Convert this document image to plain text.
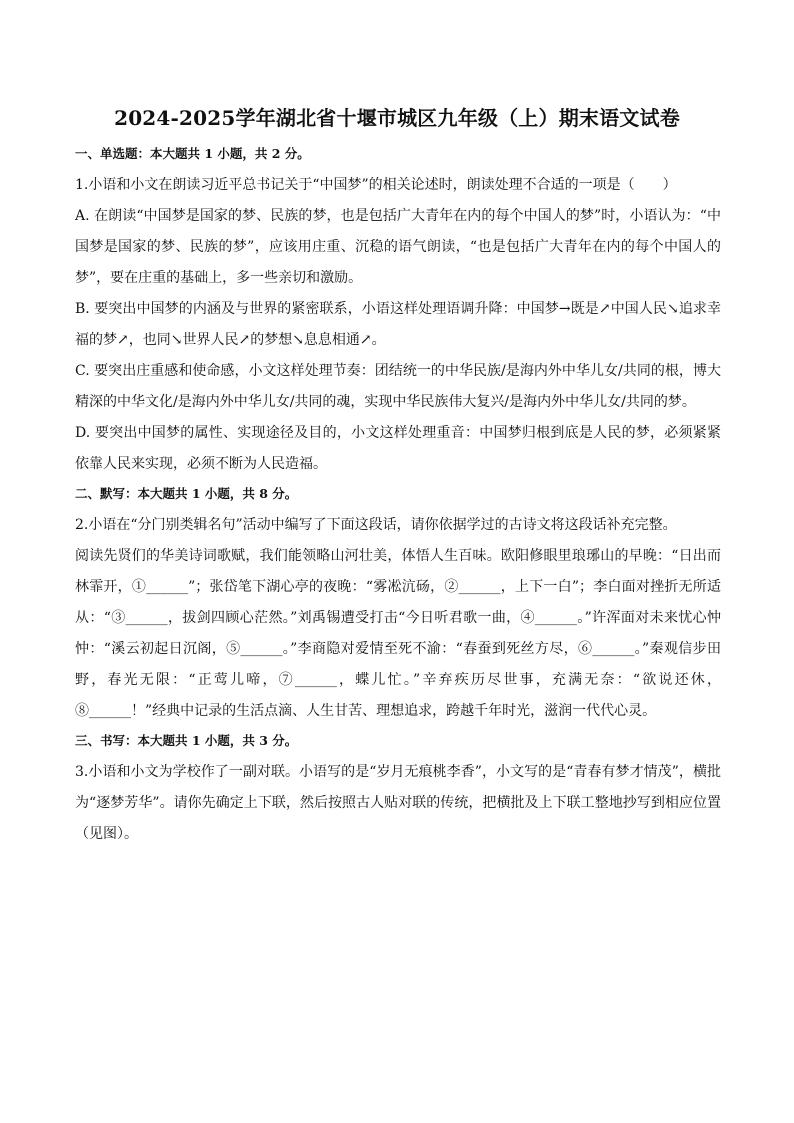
2024-2025学年湖北省十堰市城区九年级（上）期末语文试卷

一、单选题：本大题共 1 小题，共 2 分。

1.小语和小文在朗读习近平总书记关于“中国梦”的相关论述时，朗读处理不合适的一项是（　　）

A. 在朗读“中国梦是国家的梦、民族的梦，也是包括广大青年在内的每个中国人的梦”时，小语认为：“中国梦是国家的梦、民族的梦”，应该用庄重、沉稳的语气朗读，“也是包括广大青年在内的每个中国人的梦”，要在庄重的基础上，多一些亲切和激励。

B. 要突出中国梦的内涵及与世界的紧密联系，小语这样处理语调升降：中国梦→既是↗中国人民↘追求幸福的梦↗，也同↘世界人民↗的梦想↘息息相通↗。

C. 要突出庄重感和使命感，小文这样处理节奏：团结统一的中华民族/是海内外中华儿女/共同的根，博大精深的中华文化/是海内外中华儿女/共同的魂，实现中华民族伟大复兴/是海内外中华儿女/共同的梦。

D. 要突出中国梦的属性、实现途径及目的，小文这样处理重音：中国梦归根到底是人民的梦，必须紧紧依靠人民来实现，必须不断为人民造福。

二、默写：本大题共 1 小题，共 8 分。

2.小语在“分门别类辑名句”活动中编写了下面这段话，请你依据学过的古诗文将这段话补充完整。

阅读先贤们的华美诗词歌赋，我们能领略山河壮美，体悟人生百味。欧阳修眼里琅琊山的早晚：“日出而林霏开，①______”；张岱笔下湖心亭的夜晚：“雾凇沆砀，②______，上下一白”；李白面对挫折无所适从：“③______，拔剑四顾心茫然。”刘禹锡遭受打击“今日听君歌一曲，④______。”许浑面对未来忧心忡忡：“溪云初起日沉阁，⑤______。”李商隐对爱情至死不渝：“春蚕到死丝方尽，⑥______。”秦观信步田野，春光无限：“正莺儿啼，⑦______，蝶儿忙。”辛弃疾历尽世事，充满无奈：“欲说还休，⑧______！”经典中记录的生活点滴、人生甘苦、理想追求，跨越千年时光，滋润一代代心灵。

三、书写：本大题共 1 小题，共 3 分。

3.小语和小文为学校作了一副对联。小语写的是“岁月无痕桃李香”，小文写的是“青春有梦才情茂”，横批为“逐梦芳华”。请你先确定上下联，然后按照古人贴对联的传统，把横批及上下联工整地抄写到相应位置（见图）。
